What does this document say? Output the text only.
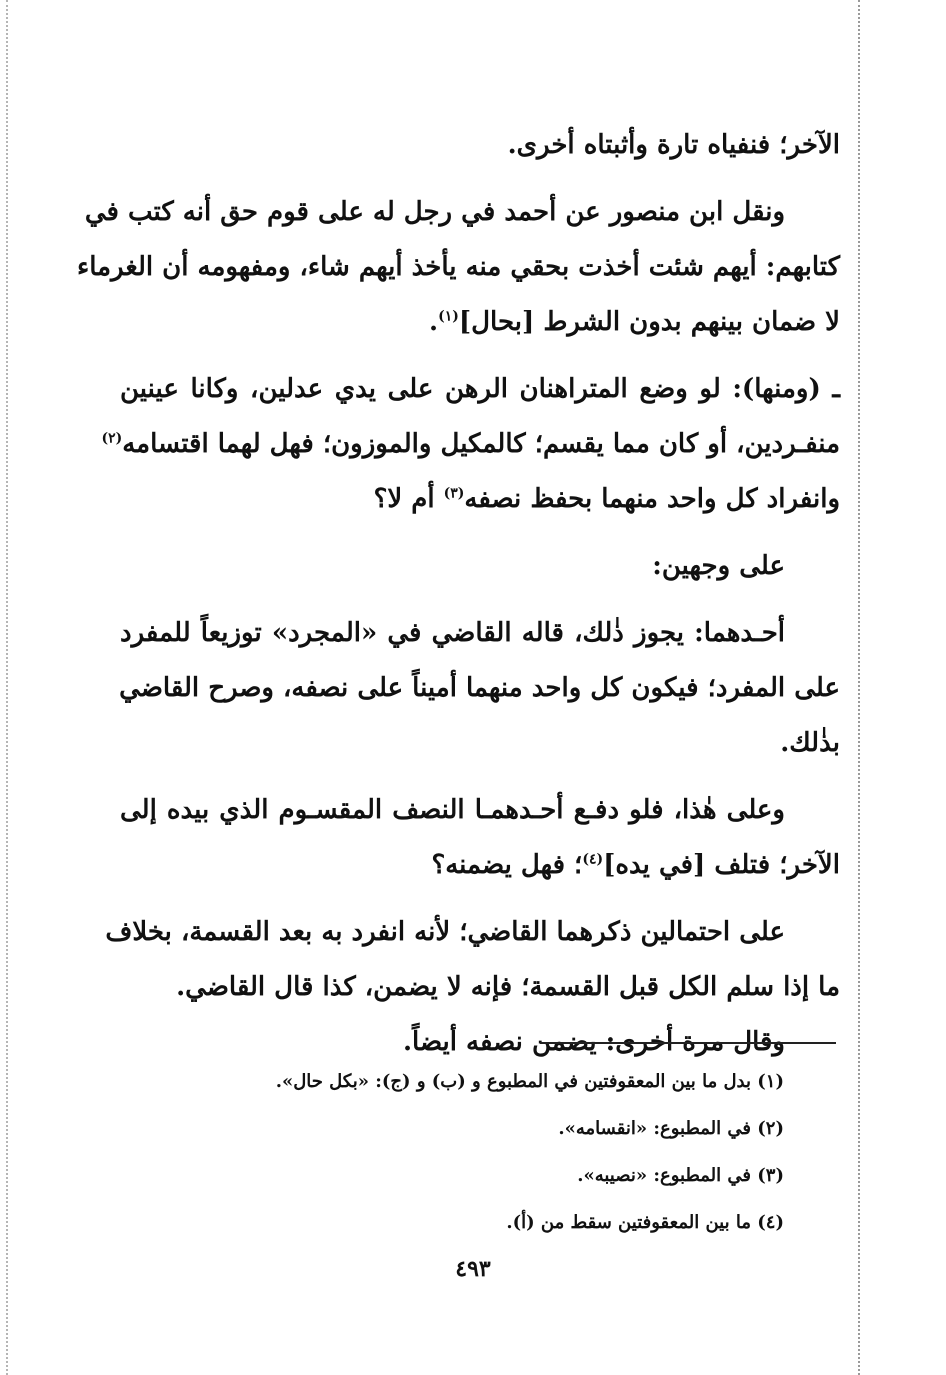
الآخر؛ فنفياه تارة وأثبتاه أخرى.
ونقل ابن منصور عن أحمد في رجل له على قوم حق أنه كتب في
كتابهم: أيهم شئت أخذت بحقي منه يأخذ أيهم شاء، ومفهومه أن الغرماء
لا ضمان بينهم بدون الشرط [بحال]$^{(١)}$.
ـ (ومنها): لو وضع المتراهنان الرهن على يدي عدلين، وكانا عينين
منفـردين، أو كان مما يقسم؛ كالمكيل والموزون؛ فهل لهما اقتسامه$^{(٢)}$
وانفراد كل واحد منهما بحفظ نصفه$^{(٣)}$ أم لا؟
على وجهين:
أحـدهما: يجوز ذٰلك، قاله القاضي في «المجرد» توزيعاً للمفرد
على المفرد؛ فيكون كل واحد منهما أميناً على نصفه، وصرح القاضي
بذٰلك.
وعلى هٰذا، فلو دفـع أحـدهمـا النصف المقسـوم الذي بيده إلى
الآخر؛ فتلف [في يده]$^{(٤)}$؛ فهل يضمنه؟
على احتمالين ذكرهما القاضي؛ لأنه انفرد به بعد القسمة، بخلاف
ما إذا سلم الكل قبل القسمة؛ فإنه لا يضمن، كذا قال القاضي.
وقال مرة أخرى: يضمن نصفه أيضاً.
(١) بدل ما بين المعقوفتين في المطبوع و (ب) و (ج): «بكل حال».
(٢) في المطبوع: «انقسامه».
(٣) في المطبوع: «نصيبه».
(٤) ما بين المعقوفتين سقط من (أ).
٤٩٣
